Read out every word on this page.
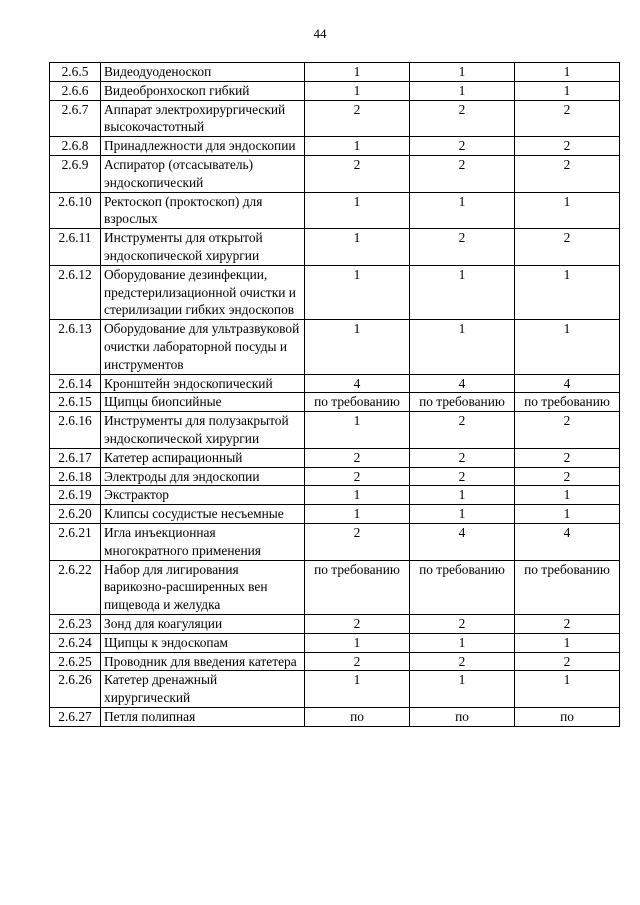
44
2.6.5	Видеодуоденоскоп	1	1	1
2.6.6	Видеобронхоскоп гибкий	1	1	1
2.6.7	Аппарат электрохирургический высокочастотный	2	2	2
2.6.8	Принадлежности для эндоскопии	1	2	2
2.6.9	Аспиратор (отсасыватель) эндоскопический	2	2	2
2.6.10	Ректоскоп (проктоскоп) для взрослых	1	1	1
2.6.11	Инструменты для открытой эндоскопической хирургии	1	2	2
2.6.12	Оборудование дезинфекции, предстерилизационной очистки и стерилизации гибких эндоскопов	1	1	1
2.6.13	Оборудование для ультразвуковой очистки лабораторной посуды и инструментов	1	1	1
2.6.14	Кронштейн эндоскопический	4	4	4
2.6.15	Щипцы биопсийные	по требованию	по требованию	по требованию
2.6.16	Инструменты для полузакрытой эндоскопической хирургии	1	2	2
2.6.17	Катетер аспирационный	2	2	2
2.6.18	Электроды для эндоскопии	2	2	2
2.6.19	Экстрактор	1	1	1
2.6.20	Клипсы сосудистые несъемные	1	1	1
2.6.21	Игла инъекционная многократного применения	2	4	4
2.6.22	Набор для лигирования варикозно-расширенных вен пищевода и желудка	по требованию	по требованию	по требованию
2.6.23	Зонд для коагуляции	2	2	2
2.6.24	Щипцы к эндоскопам	1	1	1
2.6.25	Проводник для введения катетера	2	2	2
2.6.26	Катетер дренажный хирургический	1	1	1
2.6.27	Петля полипная	по	по	по
